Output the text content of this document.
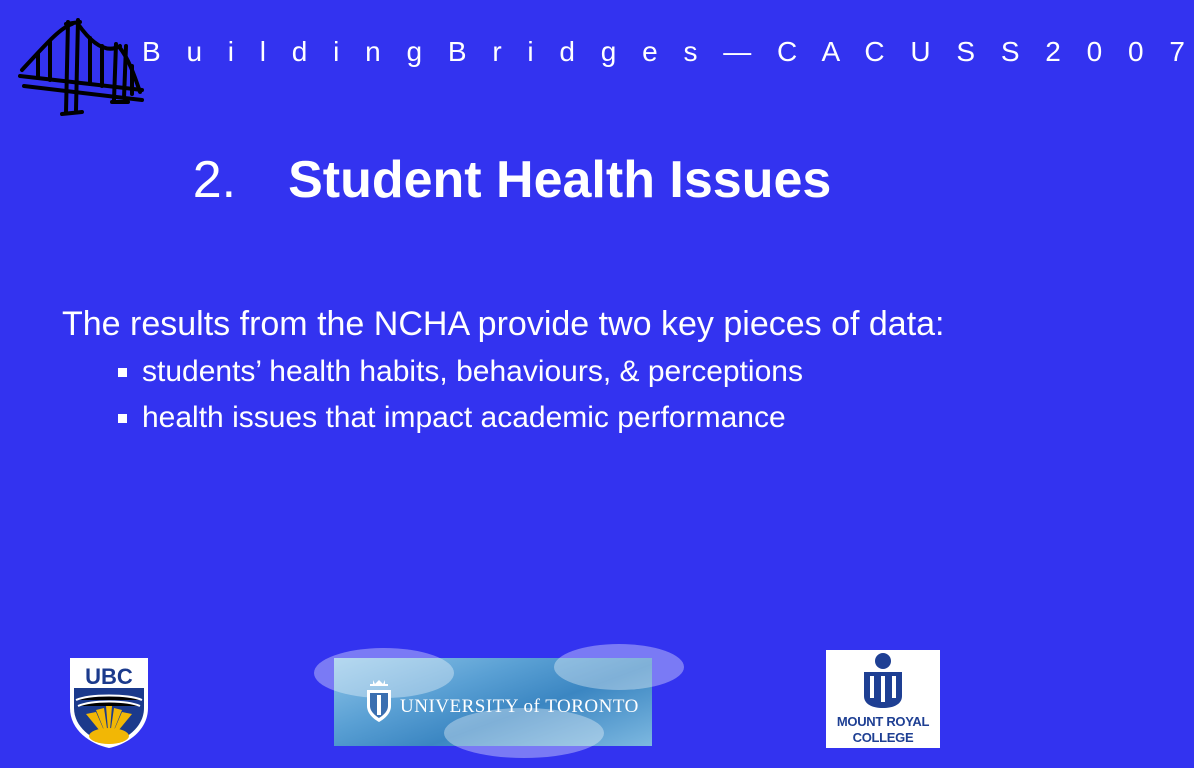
B u i l d i n g B r i d g e s — C A C U S S 2 0 0 7
2. Student Health Issues

The results from the NCHA provide two key pieces of data:

students’ health habits, behaviours, & perceptions
health issues that impact academic performance
UBC
UNIVERSITY of TORONTO
MOUNT ROYAL
COLLEGE
